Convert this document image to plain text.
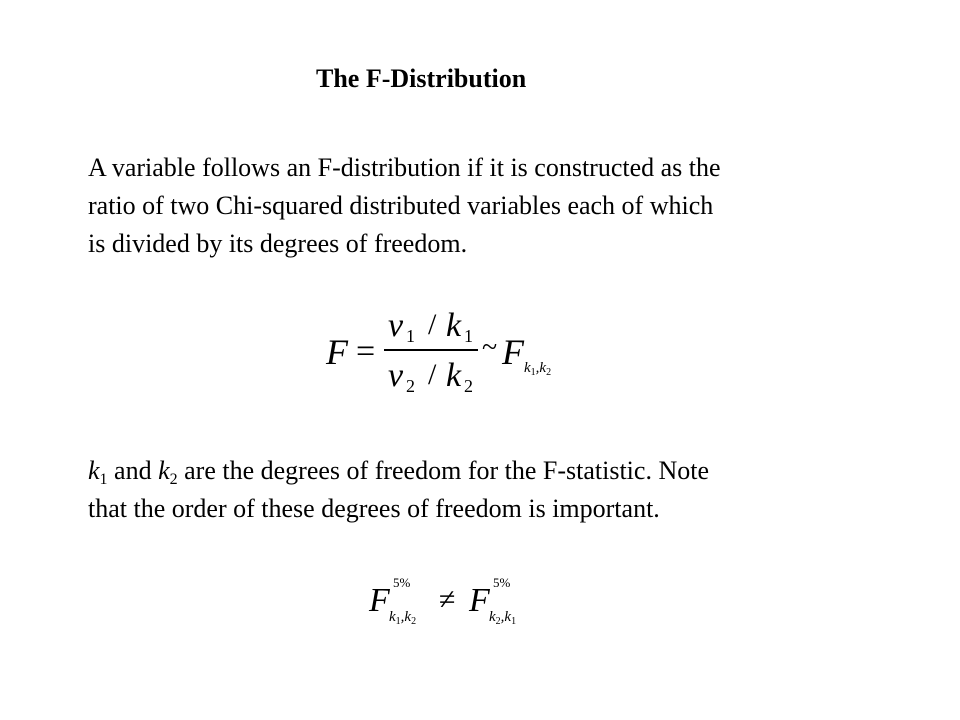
The F-Distribution
A variable follows an F-distribution if it is constructed as the
ratio of two Chi-squared distributed variables each of which
is divided by its degrees of freedom.
F =
v 1 / k 1
v 2 / k 2
~ F $k_1,k_2$
$k_1$ and $k_2$ are the degrees of freedom for the F-statistic. Note
that the order of these degrees of freedom is important.
F 5%
$k_1,k_2$
≠ F 5%
$k_2,k_1$
